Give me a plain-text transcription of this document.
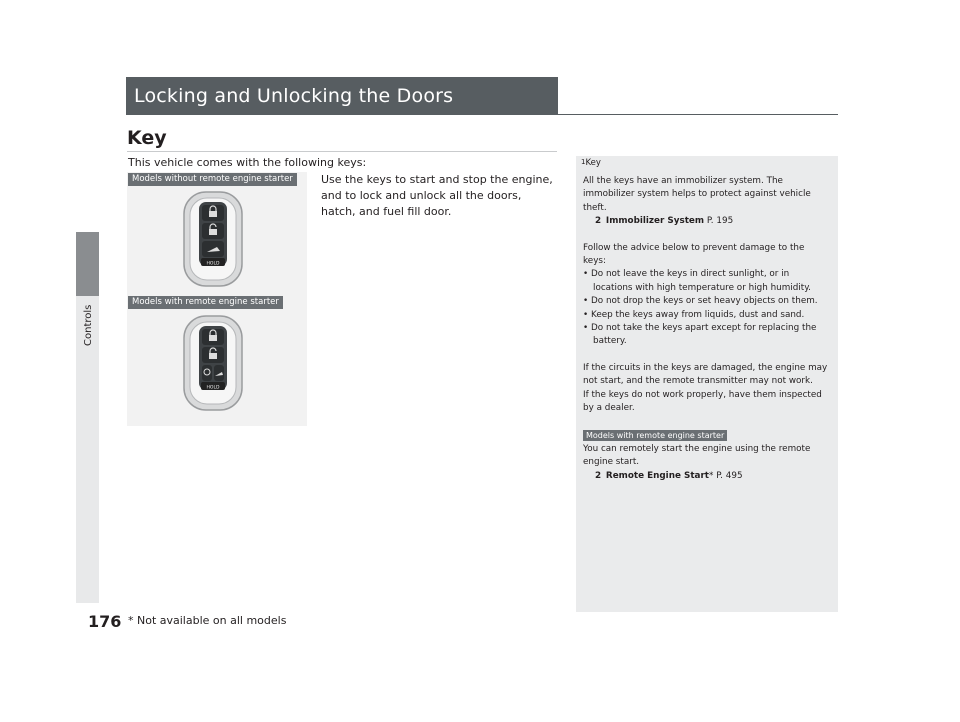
Controls
Locking and Unlocking the Doors
Key
This vehicle comes with the following keys:
Use the keys to start and stop the engine, and to lock and unlock all the doors, hatch, and fuel fill door.
Models without remote engine starter
HOLD
Models with remote engine starter
HOLD
1Key

All the keys have an immobilizer system. The immobilizer system helps to protect against vehicle theft.

2 Immobilizer System P. 195

Follow the advice below to prevent damage to the keys:

• Do not leave the keys in direct sunlight, or in locations with high temperature or high humidity.

• Do not drop the keys or set heavy objects on them.

• Keep the keys away from liquids, dust and sand.

• Do not take the keys apart except for replacing the battery.

If the circuits in the keys are damaged, the engine may not start, and the remote transmitter may not work.

If the keys do not work properly, have them inspected by a dealer.

Models with remote engine starter

You can remotely start the engine using the remote engine start.

2 Remote Engine Start* P. 495

176 * Not available on all models
